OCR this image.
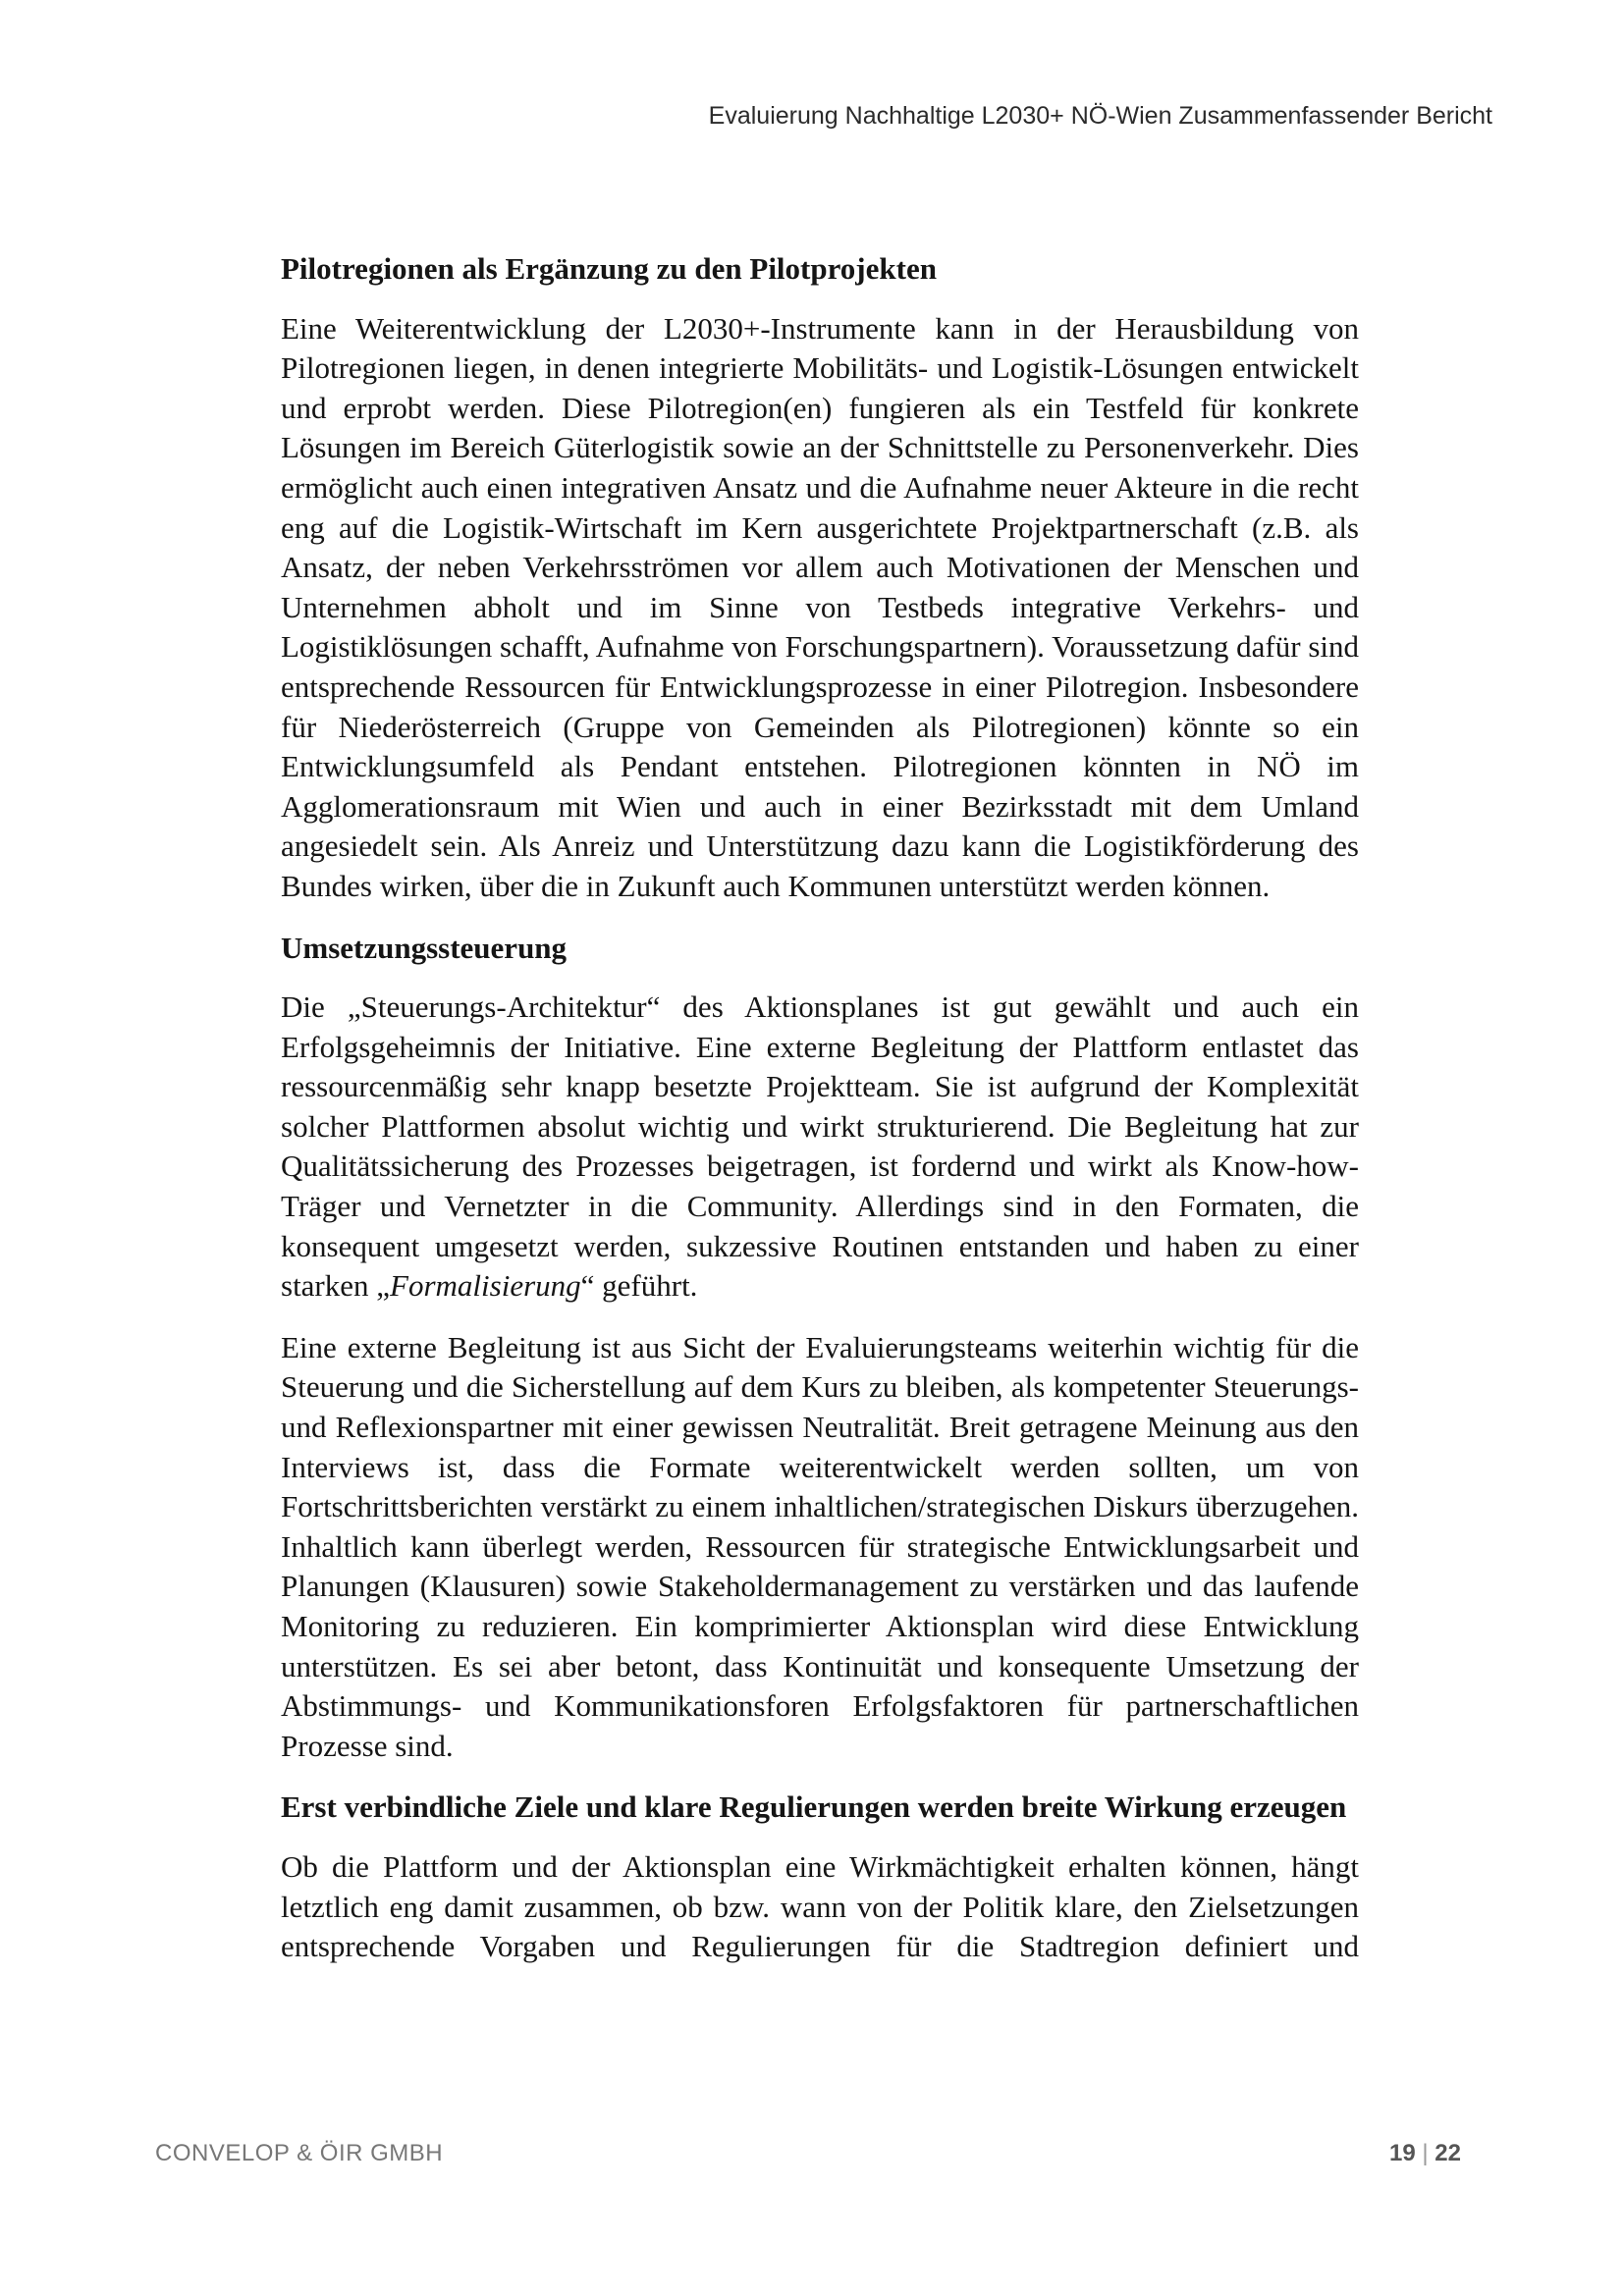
Evaluierung Nachhaltige L2030+ NÖ-Wien Zusammenfassender Bericht
Pilotregionen als Ergänzung zu den Pilotprojekten

Eine Weiterentwicklung der L2030+-Instrumente kann in der Herausbildung von Pilotregionen liegen, in denen integrierte Mobilitäts- und Logistik-Lösungen entwickelt und erprobt werden. Diese Pilotregion(en) fungieren als ein Testfeld für konkrete Lösungen im Bereich Güterlogistik sowie an der Schnittstelle zu Personenverkehr. Dies ermöglicht auch einen integrativen Ansatz und die Aufnahme neuer Akteure in die recht eng auf die Logistik-Wirtschaft im Kern ausgerichtete Projektpartnerschaft (z.B. als Ansatz, der neben Verkehrsströmen vor allem auch Motivationen der Menschen und Unternehmen abholt und im Sinne von Testbeds integrative Verkehrs- und Logistiklösungen schafft, Aufnahme von Forschungspartnern). Voraussetzung dafür sind entsprechende Ressourcen für Entwicklungsprozesse in einer Pilotregion. Insbesondere für Niederösterreich (Gruppe von Gemeinden als Pilotregionen) könnte so ein Entwicklungsumfeld als Pendant entstehen. Pilotregionen könnten in NÖ im Agglomerationsraum mit Wien und auch in einer Bezirksstadt mit dem Umland angesiedelt sein. Als Anreiz und Unterstützung dazu kann die Logistikförderung des Bundes wirken, über die in Zukunft auch Kommunen unterstützt werden können.

Umsetzungssteuerung

Die „Steuerungs-Architektur“ des Aktionsplanes ist gut gewählt und auch ein Erfolgsgeheimnis der Initiative. Eine externe Begleitung der Plattform entlastet das ressourcenmäßig sehr knapp besetzte Projektteam. Sie ist aufgrund der Komplexität solcher Plattformen absolut wichtig und wirkt strukturierend. Die Begleitung hat zur Qualitätssicherung des Prozesses beigetragen, ist fordernd und wirkt als Know-how-Träger und Vernetzter in die Community. Allerdings sind in den Formaten, die konsequent umgesetzt werden, sukzessive Routinen entstanden und haben zu einer starken „Formalisierung“ geführt.

Eine externe Begleitung ist aus Sicht der Evaluierungsteams weiterhin wichtig für die Steuerung und die Sicherstellung auf dem Kurs zu bleiben, als kompetenter Steuerungs- und Reflexionspartner mit einer gewissen Neutralität. Breit getragene Meinung aus den Interviews ist, dass die Formate weiterentwickelt werden sollten, um von Fortschrittsberichten verstärkt zu einem inhaltlichen/strategischen Diskurs überzugehen. Inhaltlich kann überlegt werden, Ressourcen für strategische Entwicklungsarbeit und Planungen (Klausuren) sowie Stakeholdermanagement zu verstärken und das laufende Monitoring zu reduzieren. Ein komprimierter Aktionsplan wird diese Entwicklung unterstützen. Es sei aber betont, dass Kontinuität und konsequente Umsetzung der Abstimmungs- und Kommunikationsforen Erfolgsfaktoren für partnerschaftlichen Prozesse sind.

Erst verbindliche Ziele und klare Regulierungen werden breite Wirkung erzeugen

Ob die Plattform und der Aktionsplan eine Wirkmächtigkeit erhalten können, hängt letztlich eng damit zusammen, ob bzw. wann von der Politik klare, den Zielsetzungen entsprechende Vorgaben und Regulierungen für die Stadtregion definiert und

CONVELOP & ÖIR GMBH	19 | 22
